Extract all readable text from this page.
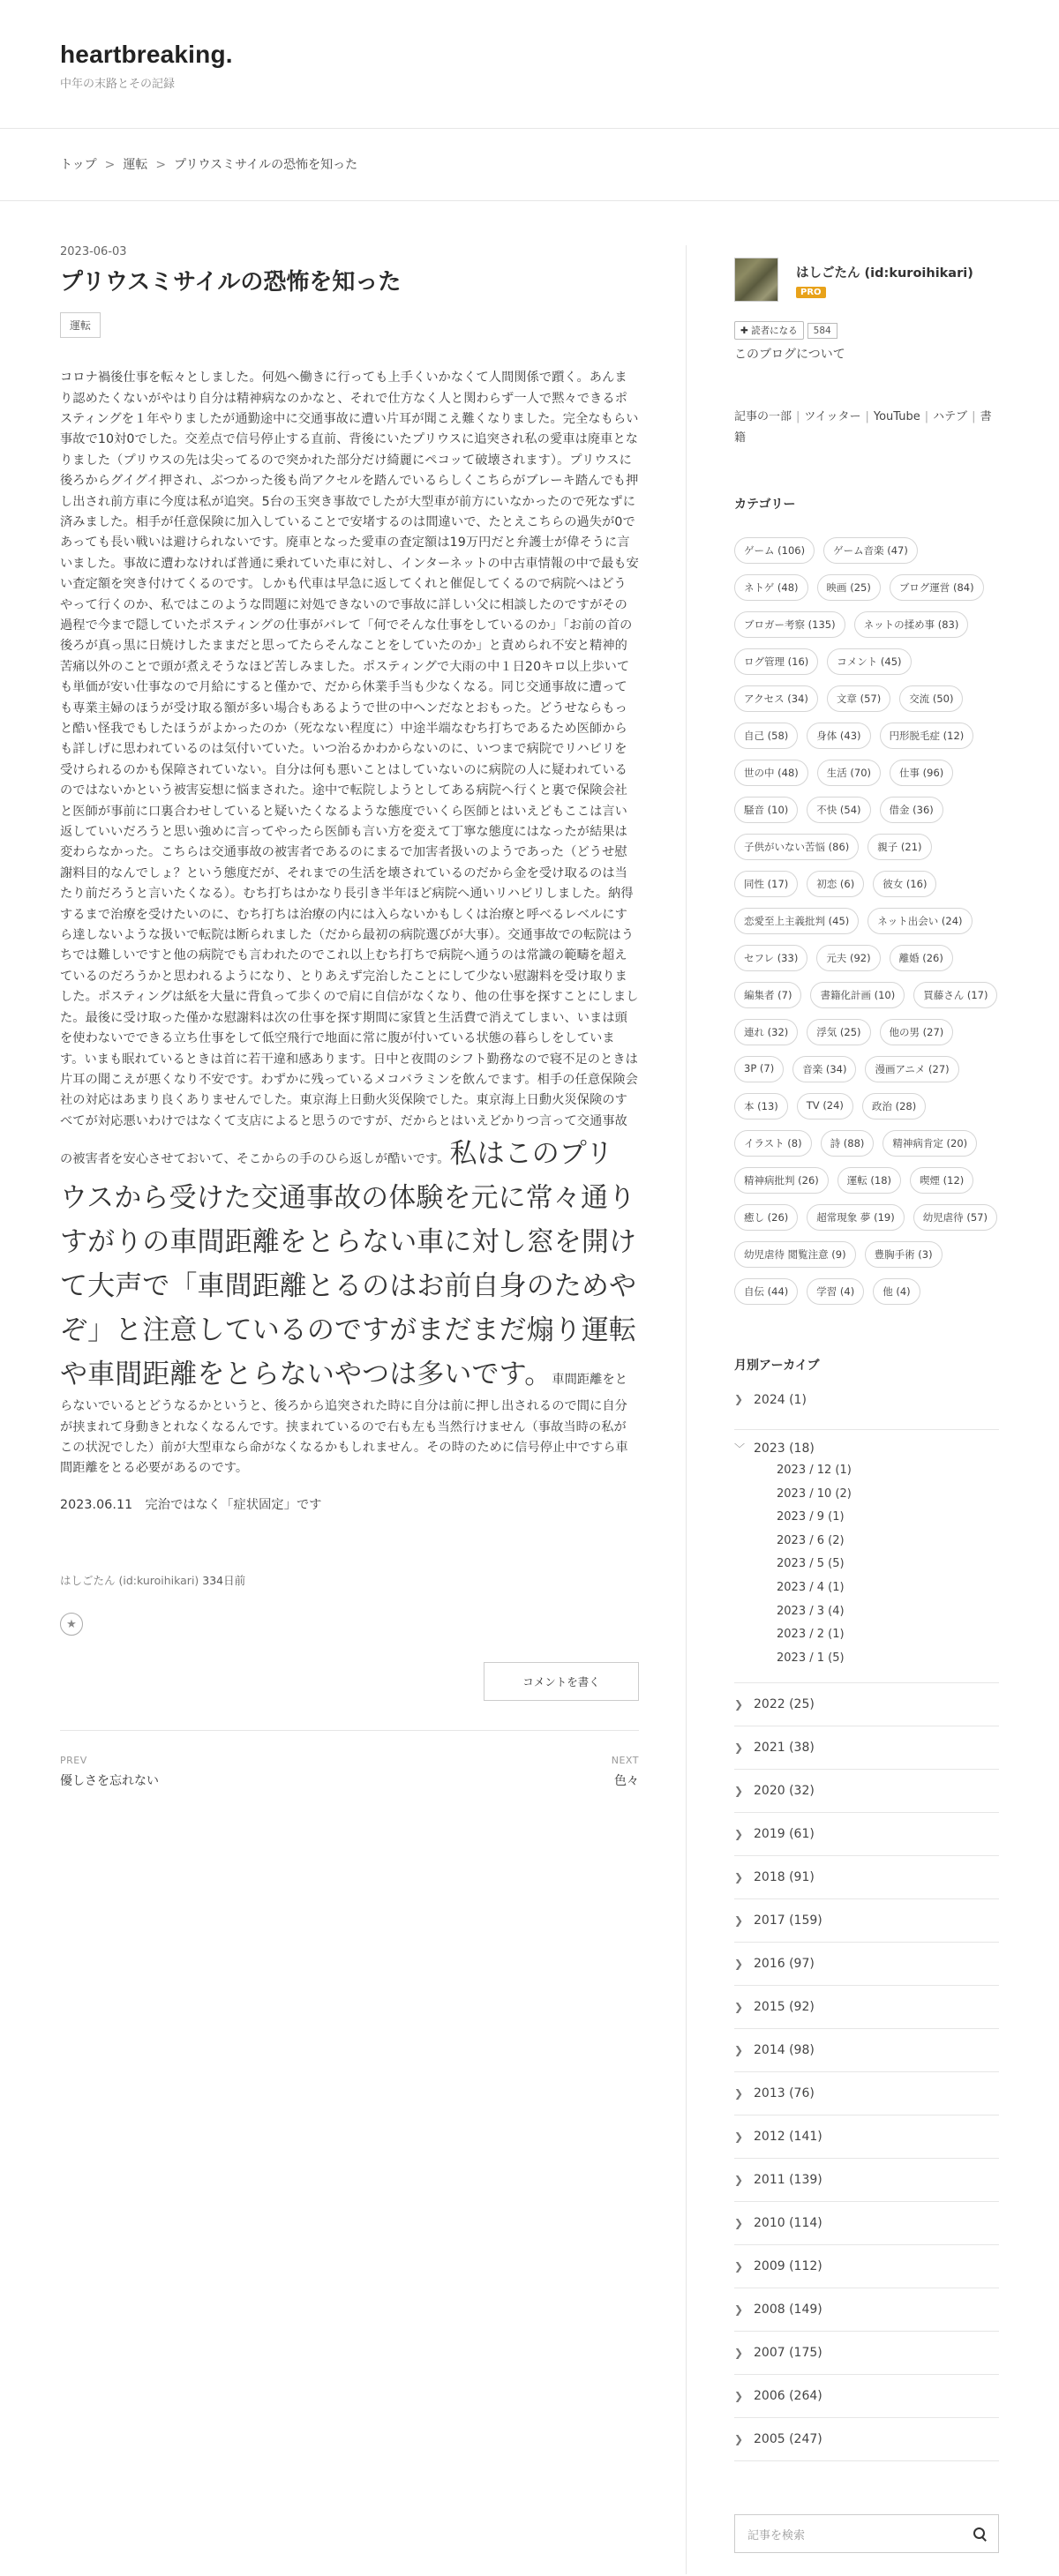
heartbreaking.
中年の末路とその記録
トップ > 運転 > プリウスミサイルの恐怖を知った
2023-06-03
プリウスミサイルの恐怖を知った
運転
コロナ禍後仕事を転々としました。何処へ働きに行っても上手くいかなくて人間関係で躓く。あんまり認めたくないがやはり自分は精神病なのかなと、それで仕方なく人と関わらず一人で黙々できるポスティングを１年やりましたが通勤途中に交通事故に遭い片耳が聞こえ難くなりました。完全なもらい事故で10対0でした。交差点で信号停止する直前、背後にいたプリウスに追突され私の愛車は廃車となりました（プリウスの先は尖ってるので突かれた部分だけ綺麗にペコッて破壊されます）。プリウスに後ろからグイグイ押され、ぶつかった後も尚アクセルを踏んでいるらしくこちらがブレーキ踏んでも押し出され前方車に今度は私が追突。5台の玉突き事故でしたが大型車が前方にいなかったので死なずに済みました。相手が任意保険に加入していることで安堵するのは間違いで、たとえこちらの過失が0であっても長い戦いは避けられないです。廃車となった愛車の査定額は19万円だと弁護士が偉そうに言いました。事故に遭わなければ普通に乗れていた車に対し、インターネットの中古車情報の中で最も安い査定額を突き付けてくるのです。しかも代車は早急に返してくれと催促してくるので病院へはどうやって行くのか、私ではこのような問題に対処できないので事故に詳しい父に相談したのですがその過程で今まで隠していたポスティングの仕事がバレて「何でそんな仕事をしているのか」「お前の首の後ろが真っ黒に日焼けしたままだと思ってたらそんなことをしていたのか」と責められ不安と精神的苦痛以外のことで頭が煮えそうなほど苦しみました。ポスティングで大雨の中１日20キロ以上歩いても単価が安い仕事なので月給にすると僅かで、だから休業手当も少なくなる。同じ交通事故に遭っても専業主婦のほうが受け取る額が多い場合もあるようで世の中ヘンだなとおもった。どうせならもっと酷い怪我でもしたほうがよかったのか（死なない程度に）中途半端なむち打ちであるため医師からも詳しげに思われているのは気付いていた。いつ治るかわからないのに、いつまで病院でリハビリを受けられるのかも保障されていない。自分は何も悪いことはしていないのに病院の人に疑われているのではないかという被害妄想に悩まされた。途中で転院しようとしてある病院へ行くと裏で保険会社と医師が事前に口裏合わせしていると疑いたくなるような態度でいくら医師とはいえどもここは言い返していいだろうと思い強めに言ってやったら医師も言い方を変えて丁寧な態度にはなったが結果は変わらなかった。こちらは交通事故の被害者であるのにまるで加害者扱いのようであった（どうせ慰謝料目的なんでしょ？という態度だが、それまでの生活を壊されているのだから金を受け取るのは当たり前だろうと言いたくなる）。むち打ちはかなり長引き半年ほど病院へ通いリハビリしました。納得するまで治療を受けたいのに、むち打ちは治療の内には入らないかもしくは治療と呼べるレベルにすら達しないような扱いで転院は断られました（だから最初の病院選びが大事）。交通事故での転院はうちでは難しいですと他の病院でも言われたのでこれ以上むち打ちで病院へ通うのは常識の範疇を超えているのだろうかと思われるようになり、とりあえず完治したことにして少ない慰謝料を受け取りました。ポスティングは紙を大量に背負って歩くので肩に自信がなくなり、他の仕事を探すことにしました。最後に受け取った僅かな慰謝料は次の仕事を探す期間に家賃と生活費で消えてしまい、いまは頭を使わないでできる立ち仕事をして低空飛行で地面に常に腹が付いている状態の暮らしをしています。いまも眠れているときは首に若干違和感あります。日中と夜間のシフト勤務なので寝不足のときは片耳の聞こえが悪くなり不安です。わずかに残っているメコバラミンを飲んでます。相手の任意保険会社の対応はあまり良くありませんでした。東京海上日動火災保険でした。東京海上日動火災保険のすべてが対応悪いわけではなくて支店によると思うのですが、だからとはいえどかりつ言って交通事故の被害者を安心させておいて、そこからの手のひら返しが酷いです。私はこのプリウスから受けた交通事故の体験を元に常々通りすがりの車間距離をとらない車に対し窓を開けて大声で「車間距離とるのはお前自身のためやぞ」と注意しているのですがまだまだ煽り運転や車間距離をとらないやつは多いです。車間距離をとらないでいるとどうなるかというと、後ろから追突された時に自分は前に押し出されるので間に自分が挟まれて身動きとれなくなるんです。挟まれているので右も左も当然行けません（事故当時の私がこの状況でした）前が大型車なら命がなくなるかもしれません。その時のために信号停止中ですら車間距離をとる必要があるのです。
2023.06.11　完治ではなく「症状固定」です
はしごたん (id:kuroihikari) 334日前
★
コメントを書く
PREV
優しさを忘れない
NEXT
色々
はしごたん (id:kuroihikari)
PRO
✚ 読者になる	584
このブログについて
記事の一部 | ツイッター | YouTube | ハテブ | 書籍
カテゴリー
ゲーム (106)	ゲーム音楽 (47)
ネトゲ (48)	映画 (25)	ブログ運営 (84)
ブロガー考察 (135)	ネットの揉め事 (83)
ログ管理 (16)	コメント (45)
アクセス (34)	文章 (57)	交流 (50)
自己 (58)	身体 (43)	円形脱毛症 (12)
世の中 (48)	生活 (70)	仕事 (96)
騒音 (10)	不快 (54)	借金 (36)
子供がいない苦悩 (86)	親子 (21)
同性 (17)	初恋 (6)	彼女 (16)
恋愛至上主義批判 (45)	ネット出会い (24)
セフレ (33)	元夫 (92)	離婚 (26)
編集者 (7)	書籍化計画 (10)	買藤さん (17)
連れ (32)	浮気 (25)	他の男 (27)
3P (7)	音楽 (34)	漫画アニメ (27)
本 (13)	TV (24)	政治 (28)
イラスト (8)	詩 (88)	精神病肯定 (20)
精神病批判 (26)	運転 (18)	喫煙 (12)
癒し (26)	超常現象 夢 (19)	幼児虐待 (57)
幼児虐待 閲覧注意 (9)	豊胸手術 (3)
自伝 (44)	学習 (4)	他 (4)
月別アーカイブ
❯ 2024 (1)
﹀ 2023 (18)
2023 / 12 (1)
2023 / 10 (2)
2023 / 9 (1)
2023 / 6 (2)
2023 / 5 (5)
2023 / 4 (1)
2023 / 3 (4)
2023 / 2 (1)
2023 / 1 (5)
❯ 2022 (25)
❯ 2021 (38)
❯ 2020 (32)
❯ 2019 (61)
❯ 2018 (91)
❯ 2017 (159)
❯ 2016 (97)
❯ 2015 (92)
❯ 2014 (98)
❯ 2013 (76)
❯ 2012 (141)
❯ 2011 (139)
❯ 2010 (114)
❯ 2009 (112)
❯ 2008 (149)
❯ 2007 (175)
❯ 2006 (264)
❯ 2005 (247)
記事を検索
